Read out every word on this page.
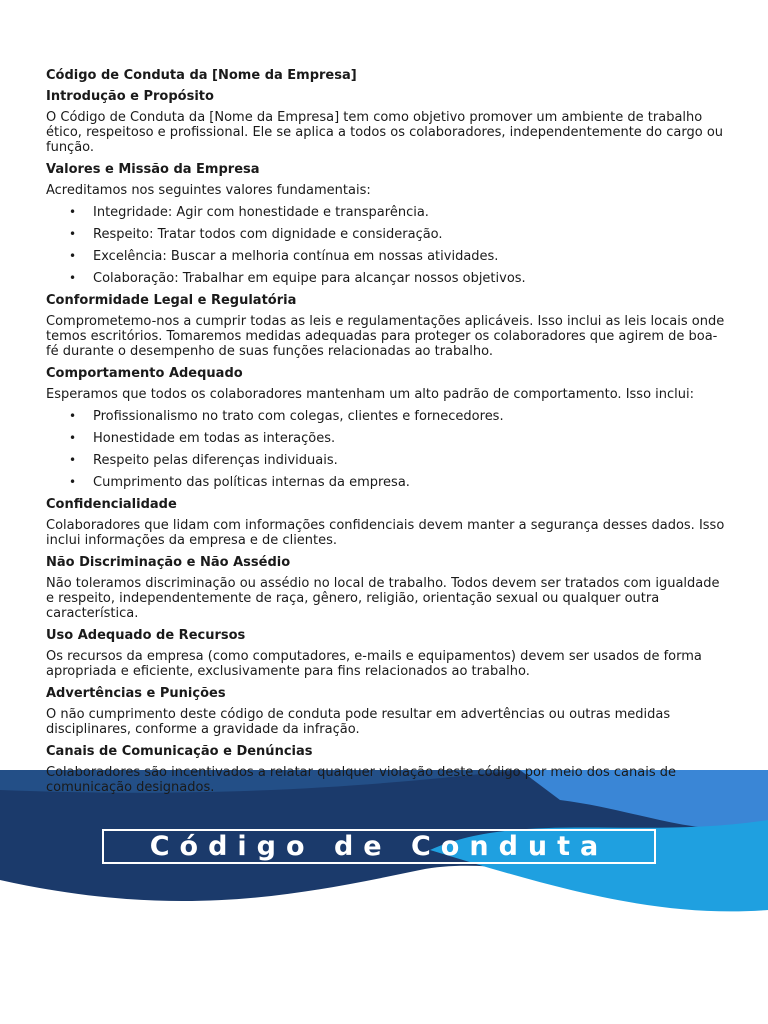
Código de Conduta da [Nome da Empresa]
Introdução e Propósito
O Código de Conduta da [Nome da Empresa] tem como objetivo promover um ambiente de trabalho ético, respeitoso e profissional. Ele se aplica a todos os colaboradores, independentemente do cargo ou função.
Valores e Missão da Empresa
Acreditamos nos seguintes valores fundamentais:
• Integridade: Agir com honestidade e transparência.
• Respeito: Tratar todos com dignidade e consideração.
• Excelência: Buscar a melhoria contínua em nossas atividades.
• Colaboração: Trabalhar em equipe para alcançar nossos objetivos.
Conformidade Legal e Regulatória
Comprometemo-nos a cumprir todas as leis e regulamentações aplicáveis. Isso inclui as leis locais onde temos escritórios. Tomaremos medidas adequadas para proteger os colaboradores que agirem de boa-fé durante o desempenho de suas funções relacionadas ao trabalho.
Comportamento Adequado
Esperamos que todos os colaboradores mantenham um alto padrão de comportamento. Isso inclui:
• Profissionalismo no trato com colegas, clientes e fornecedores.
• Honestidade em todas as interações.
• Respeito pelas diferenças individuais.
• Cumprimento das políticas internas da empresa.
Confidencialidade
Colaboradores que lidam com informações confidenciais devem manter a segurança desses dados. Isso inclui informações da empresa e de clientes.
Não Discriminação e Não Assédio
Não toleramos discriminação ou assédio no local de trabalho. Todos devem ser tratados com igualdade e respeito, independentemente de raça, gênero, religião, orientação sexual ou qualquer outra característica.
Uso Adequado de Recursos
Os recursos da empresa (como computadores, e-mails e equipamentos) devem ser usados de forma apropriada e eficiente, exclusivamente para fins relacionados ao trabalho.
Advertências e Punições
O não cumprimento deste código de conduta pode resultar em advertências ou outras medidas disciplinares, conforme a gravidade da infração.
Canais de Comunicação e Denúncias
Colaboradores são incentivados a relatar qualquer violação deste código por meio dos canais de comunicação designados.
Código de Conduta
